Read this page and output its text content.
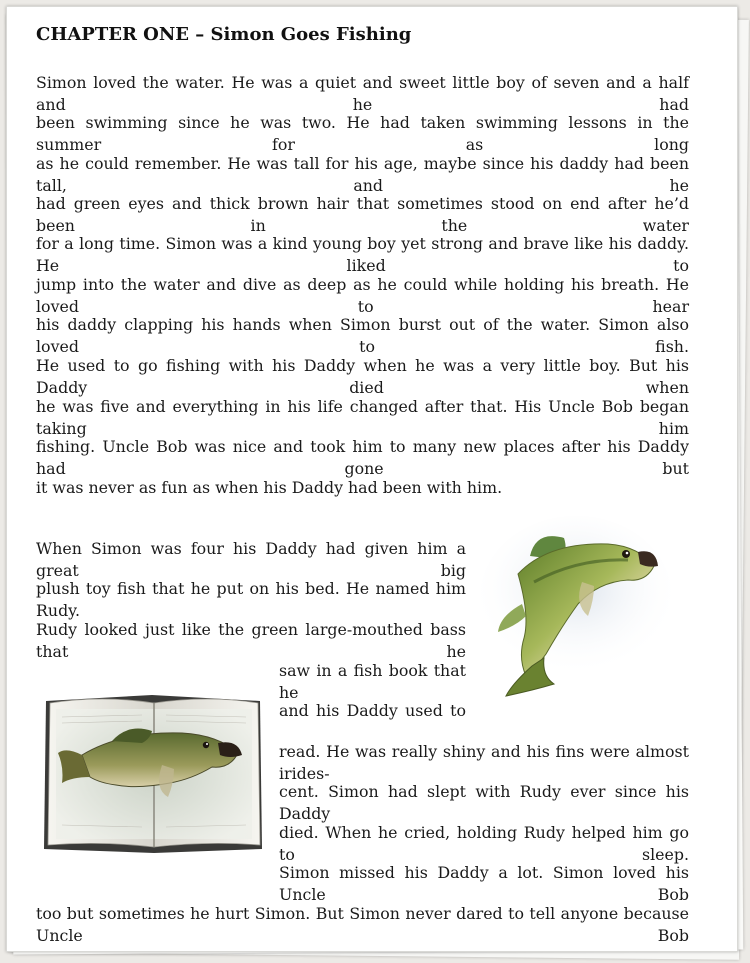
CHAPTER ONE – Simon Goes Fishing
Simon loved the water. He was a quiet and sweet little boy of seven and a half and he had
been swimming since he was two. He had taken swimming lessons in the summer for as long
as he could remember. He was tall for his age, maybe since his daddy had been tall, and he
had green eyes and thick brown hair that sometimes stood on end after he’d been in the water
for a long time. Simon was a kind young boy yet strong and brave like his daddy. He liked to
jump into the water and dive as deep as he could while holding his breath. He loved to hear
his daddy clapping his hands when Simon burst out of the water. Simon also loved to fish.
He used to go fishing with his Daddy when he was a very little boy. But his Daddy died when
he was five and everything in his life changed after that. His Uncle Bob began taking him
fishing. Uncle Bob was nice and took him to many new places after his Daddy had gone but
it was never as fun as when his Daddy had been with him.
When Simon was four his Daddy had given him a great big
plush toy fish that he put on his bed. He named him Rudy.
Rudy looked just like the green large-mouthed bass that he
saw in a fish book that he
and his Daddy used to
read. He was really shiny and his fins were almost irides-
cent. Simon had slept with Rudy ever since his Daddy
died. When he cried, holding Rudy helped him go to sleep.
Simon missed his Daddy a lot. Simon loved his Uncle Bob
too but sometimes he hurt Simon. But Simon never dared to tell anyone because Uncle Bob
